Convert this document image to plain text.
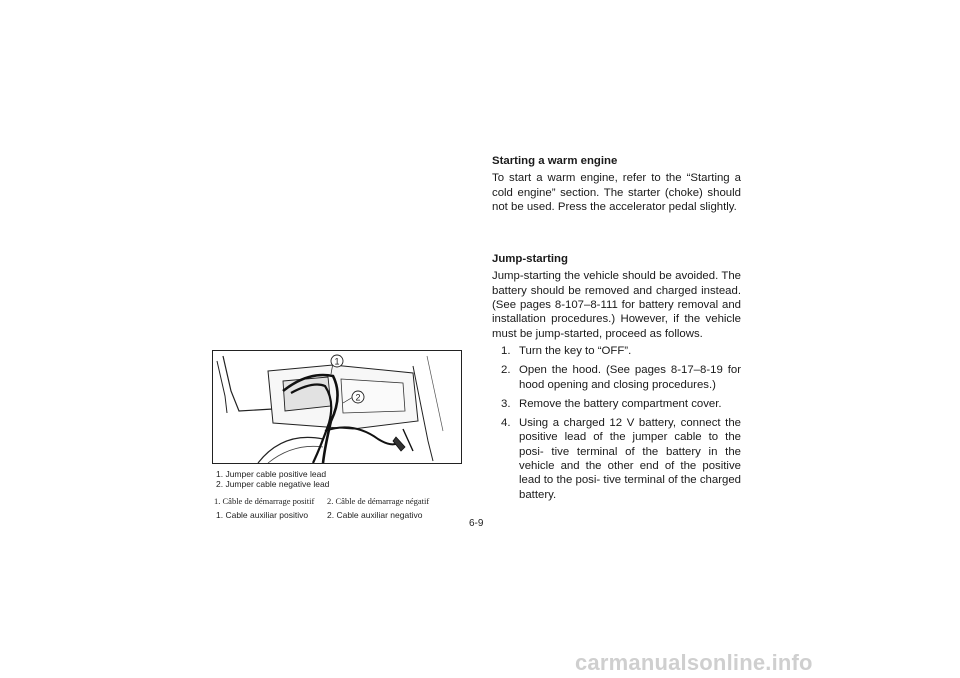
1
2
1. Jumper cable positive lead
2. Jumper cable negative lead
1. Câble de démarrage positif 2. Câble de démarrage négatif
1. Cable auxiliar positivo 2. Cable auxiliar negativo
6-9
Starting a warm engine

To start a warm engine, refer to the “Starting a cold engine” section. The starter (choke) should not be used. Press the accelerator pedal slightly.

Jump-starting

Jump-starting the vehicle should be avoided. The battery should be removed and charged instead. (See pages 8-107–8-111 for battery removal and installation procedures.) However, if the vehicle must be jump-started, proceed as follows.

1. Turn the key to “OFF”.
2. Open the hood. (See pages 8-17–8-19 for hood opening and closing procedures.)
3. Remove the battery compartment cover.
4. Using a charged 12 V battery, connect the positive lead of the jumper cable to the posi- tive terminal of the battery in the vehicle and the other end of the positive lead to the posi- tive terminal of the charged battery.
carmanualsonline.info
